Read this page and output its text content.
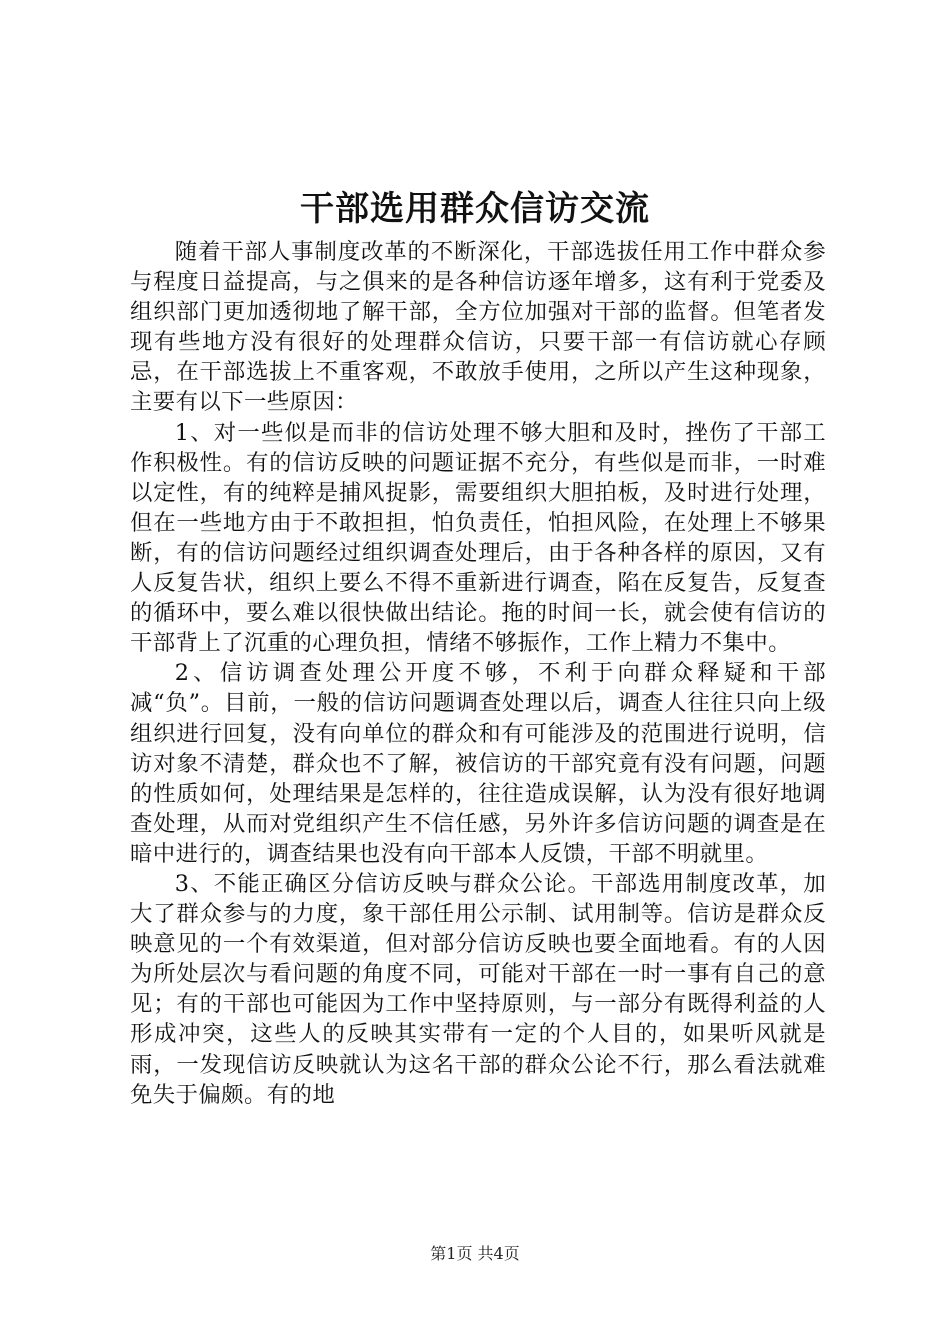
干部选用群众信访交流

随着干部人事制度改革的不断深化，干部选拔任用工作中群众参与程度日益提高，与之俱来的是各种信访逐年增多，这有利于党委及组织部门更加透彻地了解干部，全方位加强对干部的监督。但笔者发现有些地方没有很好的处理群众信访，只要干部一有信访就心存顾忌，在干部选拔上不重客观，不敢放手使用，之所以产生这种现象，主要有以下一些原因：

1、对一些似是而非的信访处理不够大胆和及时，挫伤了干部工作积极性。有的信访反映的问题证据不充分，有些似是而非，一时难以定性，有的纯粹是捕风捉影，需要组织大胆拍板，及时进行处理，但在一些地方由于不敢担担，怕负责任，怕担风险，在处理上不够果断，有的信访问题经过组织调查处理后，由于各种各样的原因，又有人反复告状，组织上要么不得不重新进行调查，陷在反复告，反复查的循环中，要么难以很快做出结论。拖的时间一长，就会使有信访的干部背上了沉重的心理负担，情绪不够振作，工作上精力不集中。

2、信访调查处理公开度不够，不利于向群众释疑和干部减“负”。目前，一般的信访问题调查处理以后，调查人往往只向上级组织进行回复，没有向单位的群众和有可能涉及的范围进行说明，信访对象不清楚，群众也不了解，被信访的干部究竟有没有问题，问题的性质如何，处理结果是怎样的，往往造成误解，认为没有很好地调查处理，从而对党组织产生不信任感，另外许多信访问题的调查是在暗中进行的，调查结果也没有向干部本人反馈，干部不明就里。

3、不能正确区分信访反映与群众公论。干部选用制度改革，加大了群众参与的力度，象干部任用公示制、试用制等。信访是群众反映意见的一个有效渠道，但对部分信访反映也要全面地看。有的人因为所处层次与看问题的角度不同，可能对干部在一时一事有自己的意见；有的干部也可能因为工作中坚持原则，与一部分有既得利益的人形成冲突，这些人的反映其实带有一定的个人目的，如果听风就是雨，一发现信访反映就认为这名干部的群众公论不行，那么看法就难免失于偏颇。有的地

第1页 共4页
